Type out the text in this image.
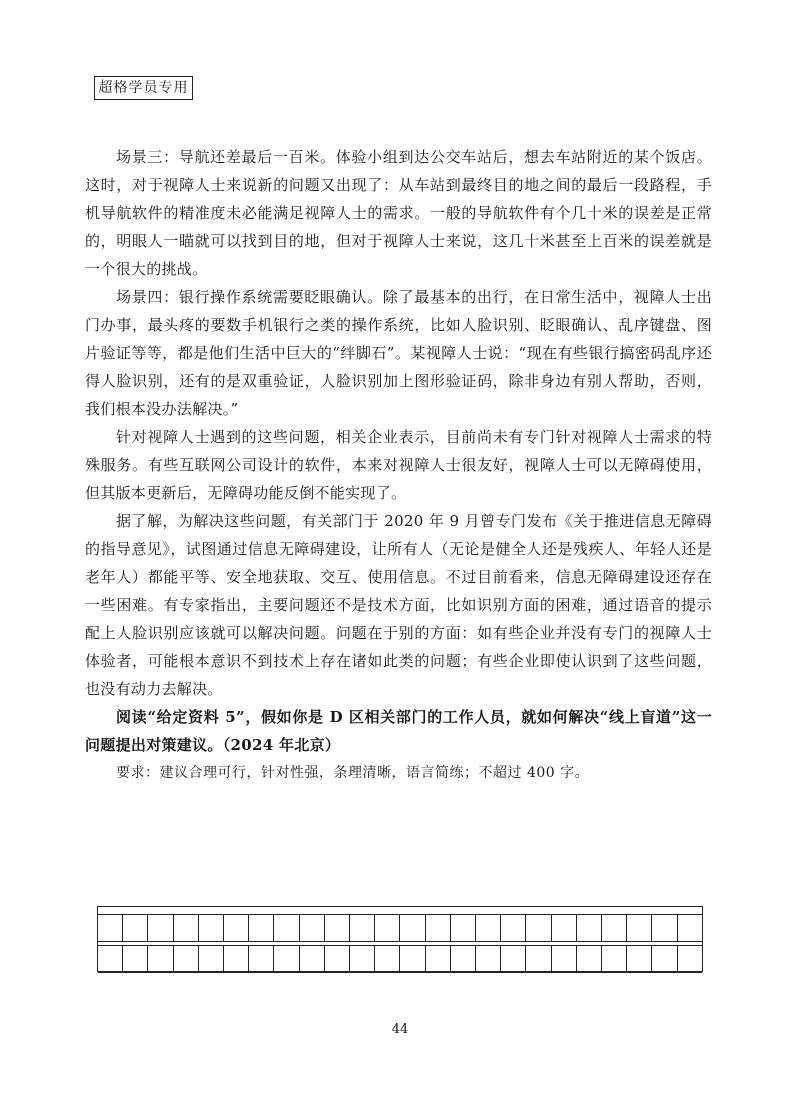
超格学员专用

场景三：导航还差最后一百米。体验小组到达公交车站后，想去车站附近的某个饭店。这时，对于视障人士来说新的问题又出现了：从车站到最终目的地之间的最后一段路程，手机导航软件的精准度未必能满足视障人士的需求。一般的导航软件有个几十米的误差是正常的，明眼人一瞄就可以找到目的地，但对于视障人士来说，这几十米甚至上百米的误差就是一个很大的挑战。

场景四：银行操作系统需要眨眼确认。除了最基本的出行，在日常生活中，视障人士出门办事，最头疼的要数手机银行之类的操作系统，比如人脸识别、眨眼确认、乱序键盘、图片验证等等，都是他们生活中巨大的“绊脚石”。某视障人士说：“现在有些银行搞密码乱序还得人脸识别，还有的是双重验证，人脸识别加上图形验证码，除非身边有别人帮助，否则，我们根本没办法解决。”

针对视障人士遇到的这些问题，相关企业表示，目前尚未有专门针对视障人士需求的特殊服务。有些互联网公司设计的软件，本来对视障人士很友好，视障人士可以无障碍使用，但其版本更新后，无障碍功能反倒不能实现了。

据了解，为解决这些问题，有关部门于 2020 年 9 月曾专门发布《关于推进信息无障碍的指导意见》，试图通过信息无障碍建设，让所有人（无论是健全人还是残疾人、年轻人还是老年人）都能平等、安全地获取、交互、使用信息。不过目前看来，信息无障碍建设还存在一些困难。有专家指出，主要问题还不是技术方面，比如识别方面的困难，通过语音的提示配上人脸识别应该就可以解决问题。问题在于别的方面：如有些企业并没有专门的视障人士体验者，可能根本意识不到技术上存在诸如此类的问题；有些企业即使认识到了这些问题，也没有动力去解决。

阅读“给定资料 5”，假如你是 D 区相关部门的工作人员，就如何解决“线上盲道”这一问题提出对策建议。（2024 年北京）

要求：建议合理可行，针对性强，条理清晰，语言简练；不超过 400 字。

44
